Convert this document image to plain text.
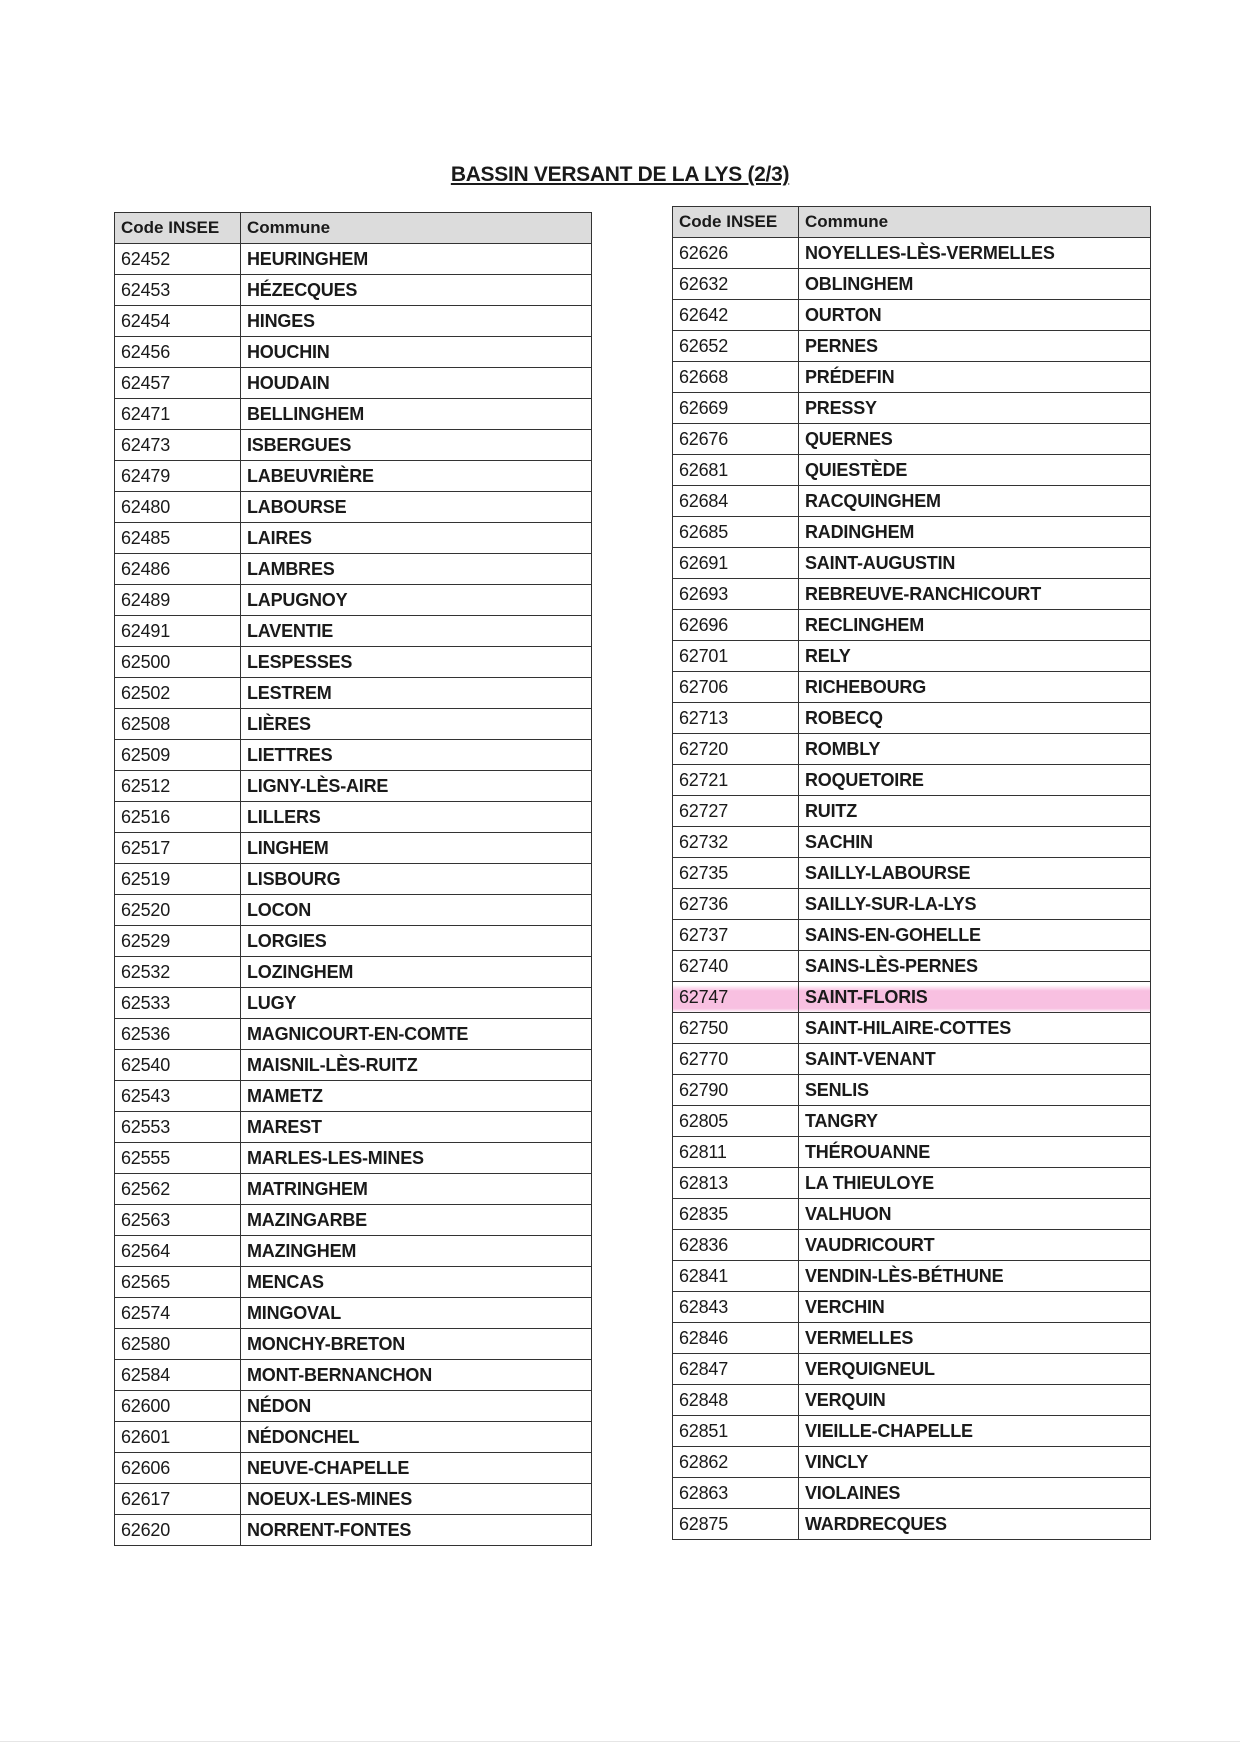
BASSIN VERSANT DE LA LYS (2/3)
Code INSEE	Commune
62452	HEURINGHEM
62453	HÉZECQUES
62454	HINGES
62456	HOUCHIN
62457	HOUDAIN
62471	BELLINGHEM
62473	ISBERGUES
62479	LABEUVRIÈRE
62480	LABOURSE
62485	LAIRES
62486	LAMBRES
62489	LAPUGNOY
62491	LAVENTIE
62500	LESPESSES
62502	LESTREM
62508	LIÈRES
62509	LIETTRES
62512	LIGNY-LÈS-AIRE
62516	LILLERS
62517	LINGHEM
62519	LISBOURG
62520	LOCON
62529	LORGIES
62532	LOZINGHEM
62533	LUGY
62536	MAGNICOURT-EN-COMTE
62540	MAISNIL-LÈS-RUITZ
62543	MAMETZ
62553	MAREST
62555	MARLES-LES-MINES
62562	MATRINGHEM
62563	MAZINGARBE
62564	MAZINGHEM
62565	MENCAS
62574	MINGOVAL
62580	MONCHY-BRETON
62584	MONT-BERNANCHON
62600	NÉDON
62601	NÉDONCHEL
62606	NEUVE-CHAPELLE
62617	NOEUX-LES-MINES
62620	NORRENT-FONTES
Code INSEE	Commune
62626	NOYELLES-LÈS-VERMELLES
62632	OBLINGHEM
62642	OURTON
62652	PERNES
62668	PRÉDEFIN
62669	PRESSY
62676	QUERNES
62681	QUIESTÈDE
62684	RACQUINGHEM
62685	RADINGHEM
62691	SAINT-AUGUSTIN
62693	REBREUVE-RANCHICOURT
62696	RECLINGHEM
62701	RELY
62706	RICHEBOURG
62713	ROBECQ
62720	ROMBLY
62721	ROQUETOIRE
62727	RUITZ
62732	SACHIN
62735	SAILLY-LABOURSE
62736	SAILLY-SUR-LA-LYS
62737	SAINS-EN-GOHELLE
62740	SAINS-LÈS-PERNES
62747	SAINT-FLORIS
62750	SAINT-HILAIRE-COTTES
62770	SAINT-VENANT
62790	SENLIS
62805	TANGRY
62811	THÉROUANNE
62813	LA THIEULOYE
62835	VALHUON
62836	VAUDRICOURT
62841	VENDIN-LÈS-BÉTHUNE
62843	VERCHIN
62846	VERMELLES
62847	VERQUIGNEUL
62848	VERQUIN
62851	VIEILLE-CHAPELLE
62862	VINCLY
62863	VIOLAINES
62875	WARDRECQUES
